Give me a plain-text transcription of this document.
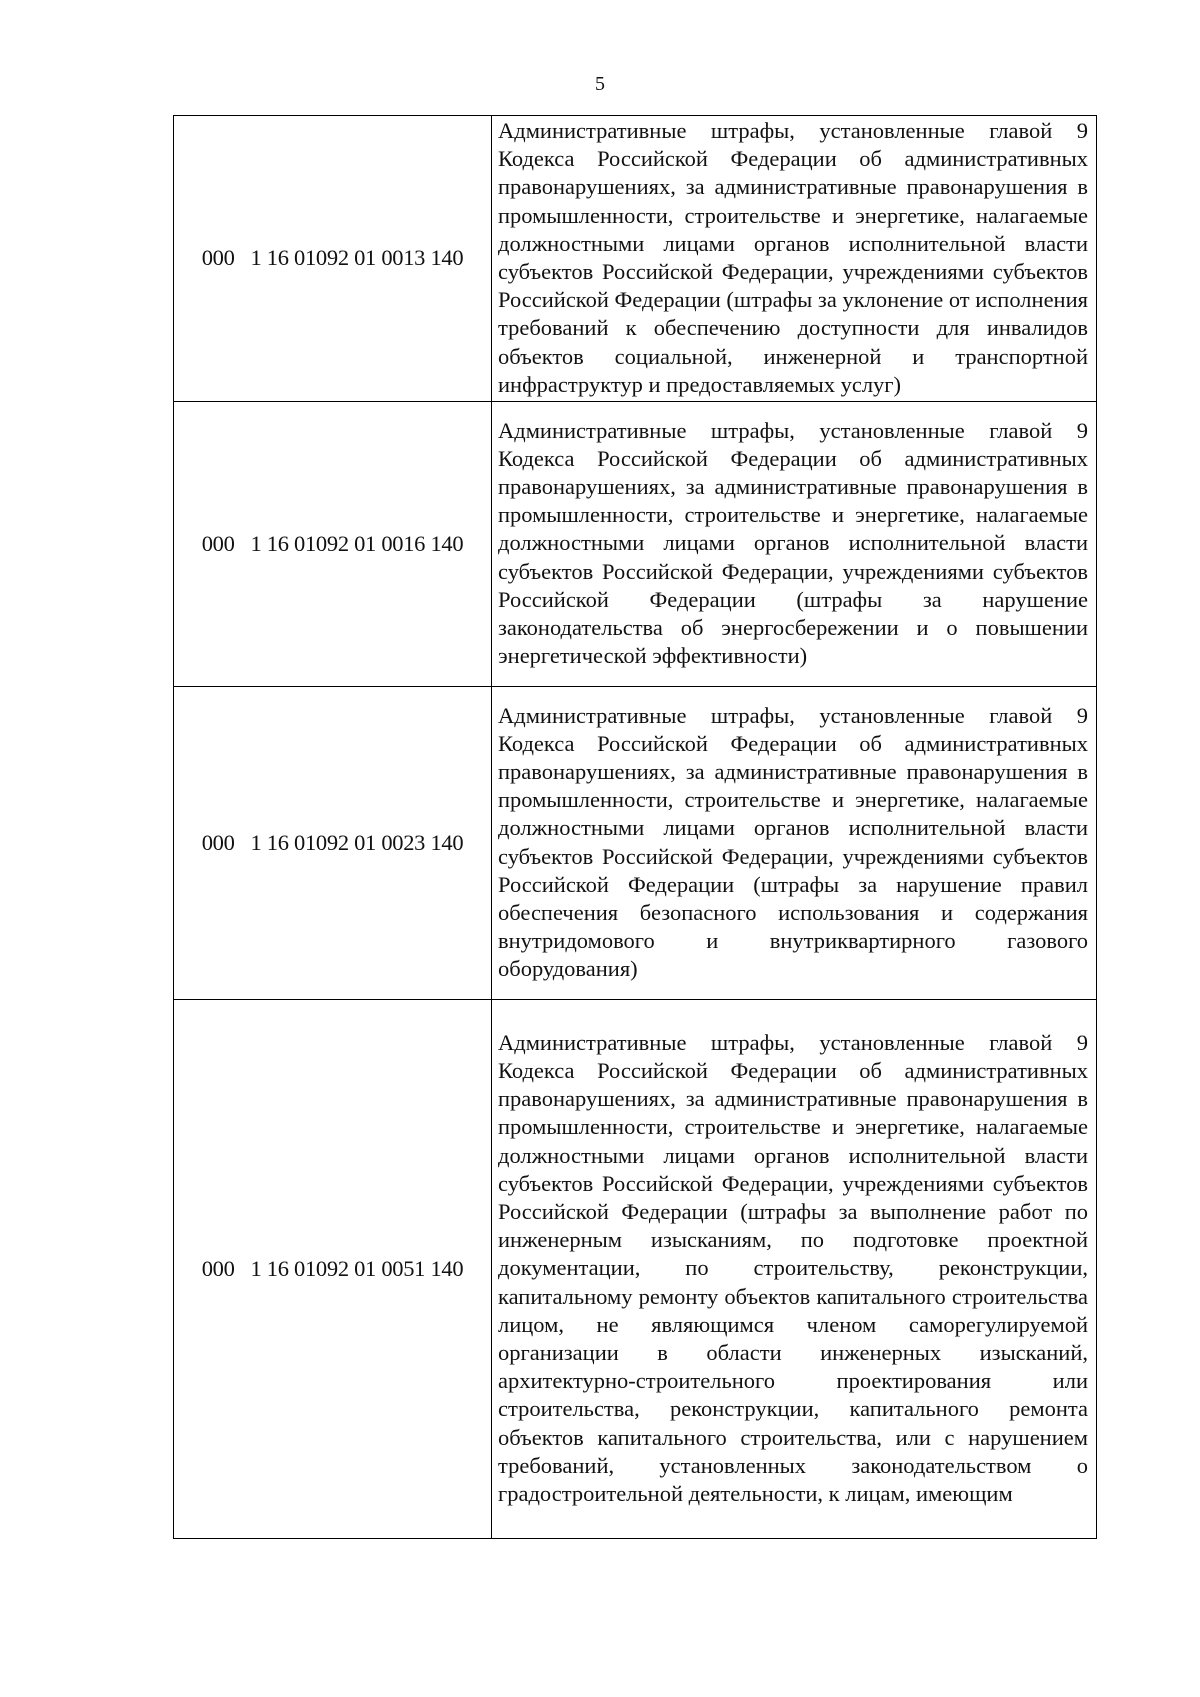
5
000   1 16 01092 01 0013 140	Административные штрафы, установленные главой 9 Кодекса Российской Федерации об административных правонарушениях, за административные правонарушения в промышленности, строительстве и энергетике, налагаемые должностными лицами органов исполнительной власти субъектов Российской Федерации, учреждениями субъектов Российской Федерации (штрафы за уклонение от исполнения требований к обеспечению доступности для инвалидов объектов социальной, инженерной и транспортной инфраструктур и предоставляемых услуг)
000   1 16 01092 01 0016 140	Административные штрафы, установленные главой 9 Кодекса Российской Федерации об административных правонарушениях, за административные правонарушения в промышленности, строительстве и энергетике, налагаемые должностными лицами органов исполнительной власти субъектов Российской Федерации, учреждениями субъектов Российской Федерации (штрафы за нарушение законодательства об энергосбережении и о повышении энергетической эффективности)
000   1 16 01092 01 0023 140	Административные штрафы, установленные главой 9 Кодекса Российской Федерации об административных правонарушениях, за административные правонарушения в промышленности, строительстве и энергетике, налагаемые должностными лицами органов исполнительной власти субъектов Российской Федерации, учреждениями субъектов Российской Федерации (штрафы за нарушение правил обеспечения безопасного использования и содержания внутридомового и внутриквартирного газового оборудования)
000   1 16 01092 01 0051 140	Административные штрафы, установленные главой 9 Кодекса Российской Федерации об административных правонарушениях, за административные правонарушения в промышленности, строительстве и энергетике, налагаемые должностными лицами органов исполнительной власти субъектов Российской Федерации, учреждениями субъектов Российской Федерации (штрафы за выполнение работ по инженерным изысканиям, по подготовке проектной документации, по строительству, реконструкции, капитальному ремонту объектов капитального строительства лицом, не являющимся членом саморегулируемой организации в области инженерных изысканий, архитектурно-строительного проектирования или строительства, реконструкции, капитального ремонта объектов капитального строительства, или с нарушением требований, установленных законодательством о градостроительной деятельности, к лицам, имеющим
